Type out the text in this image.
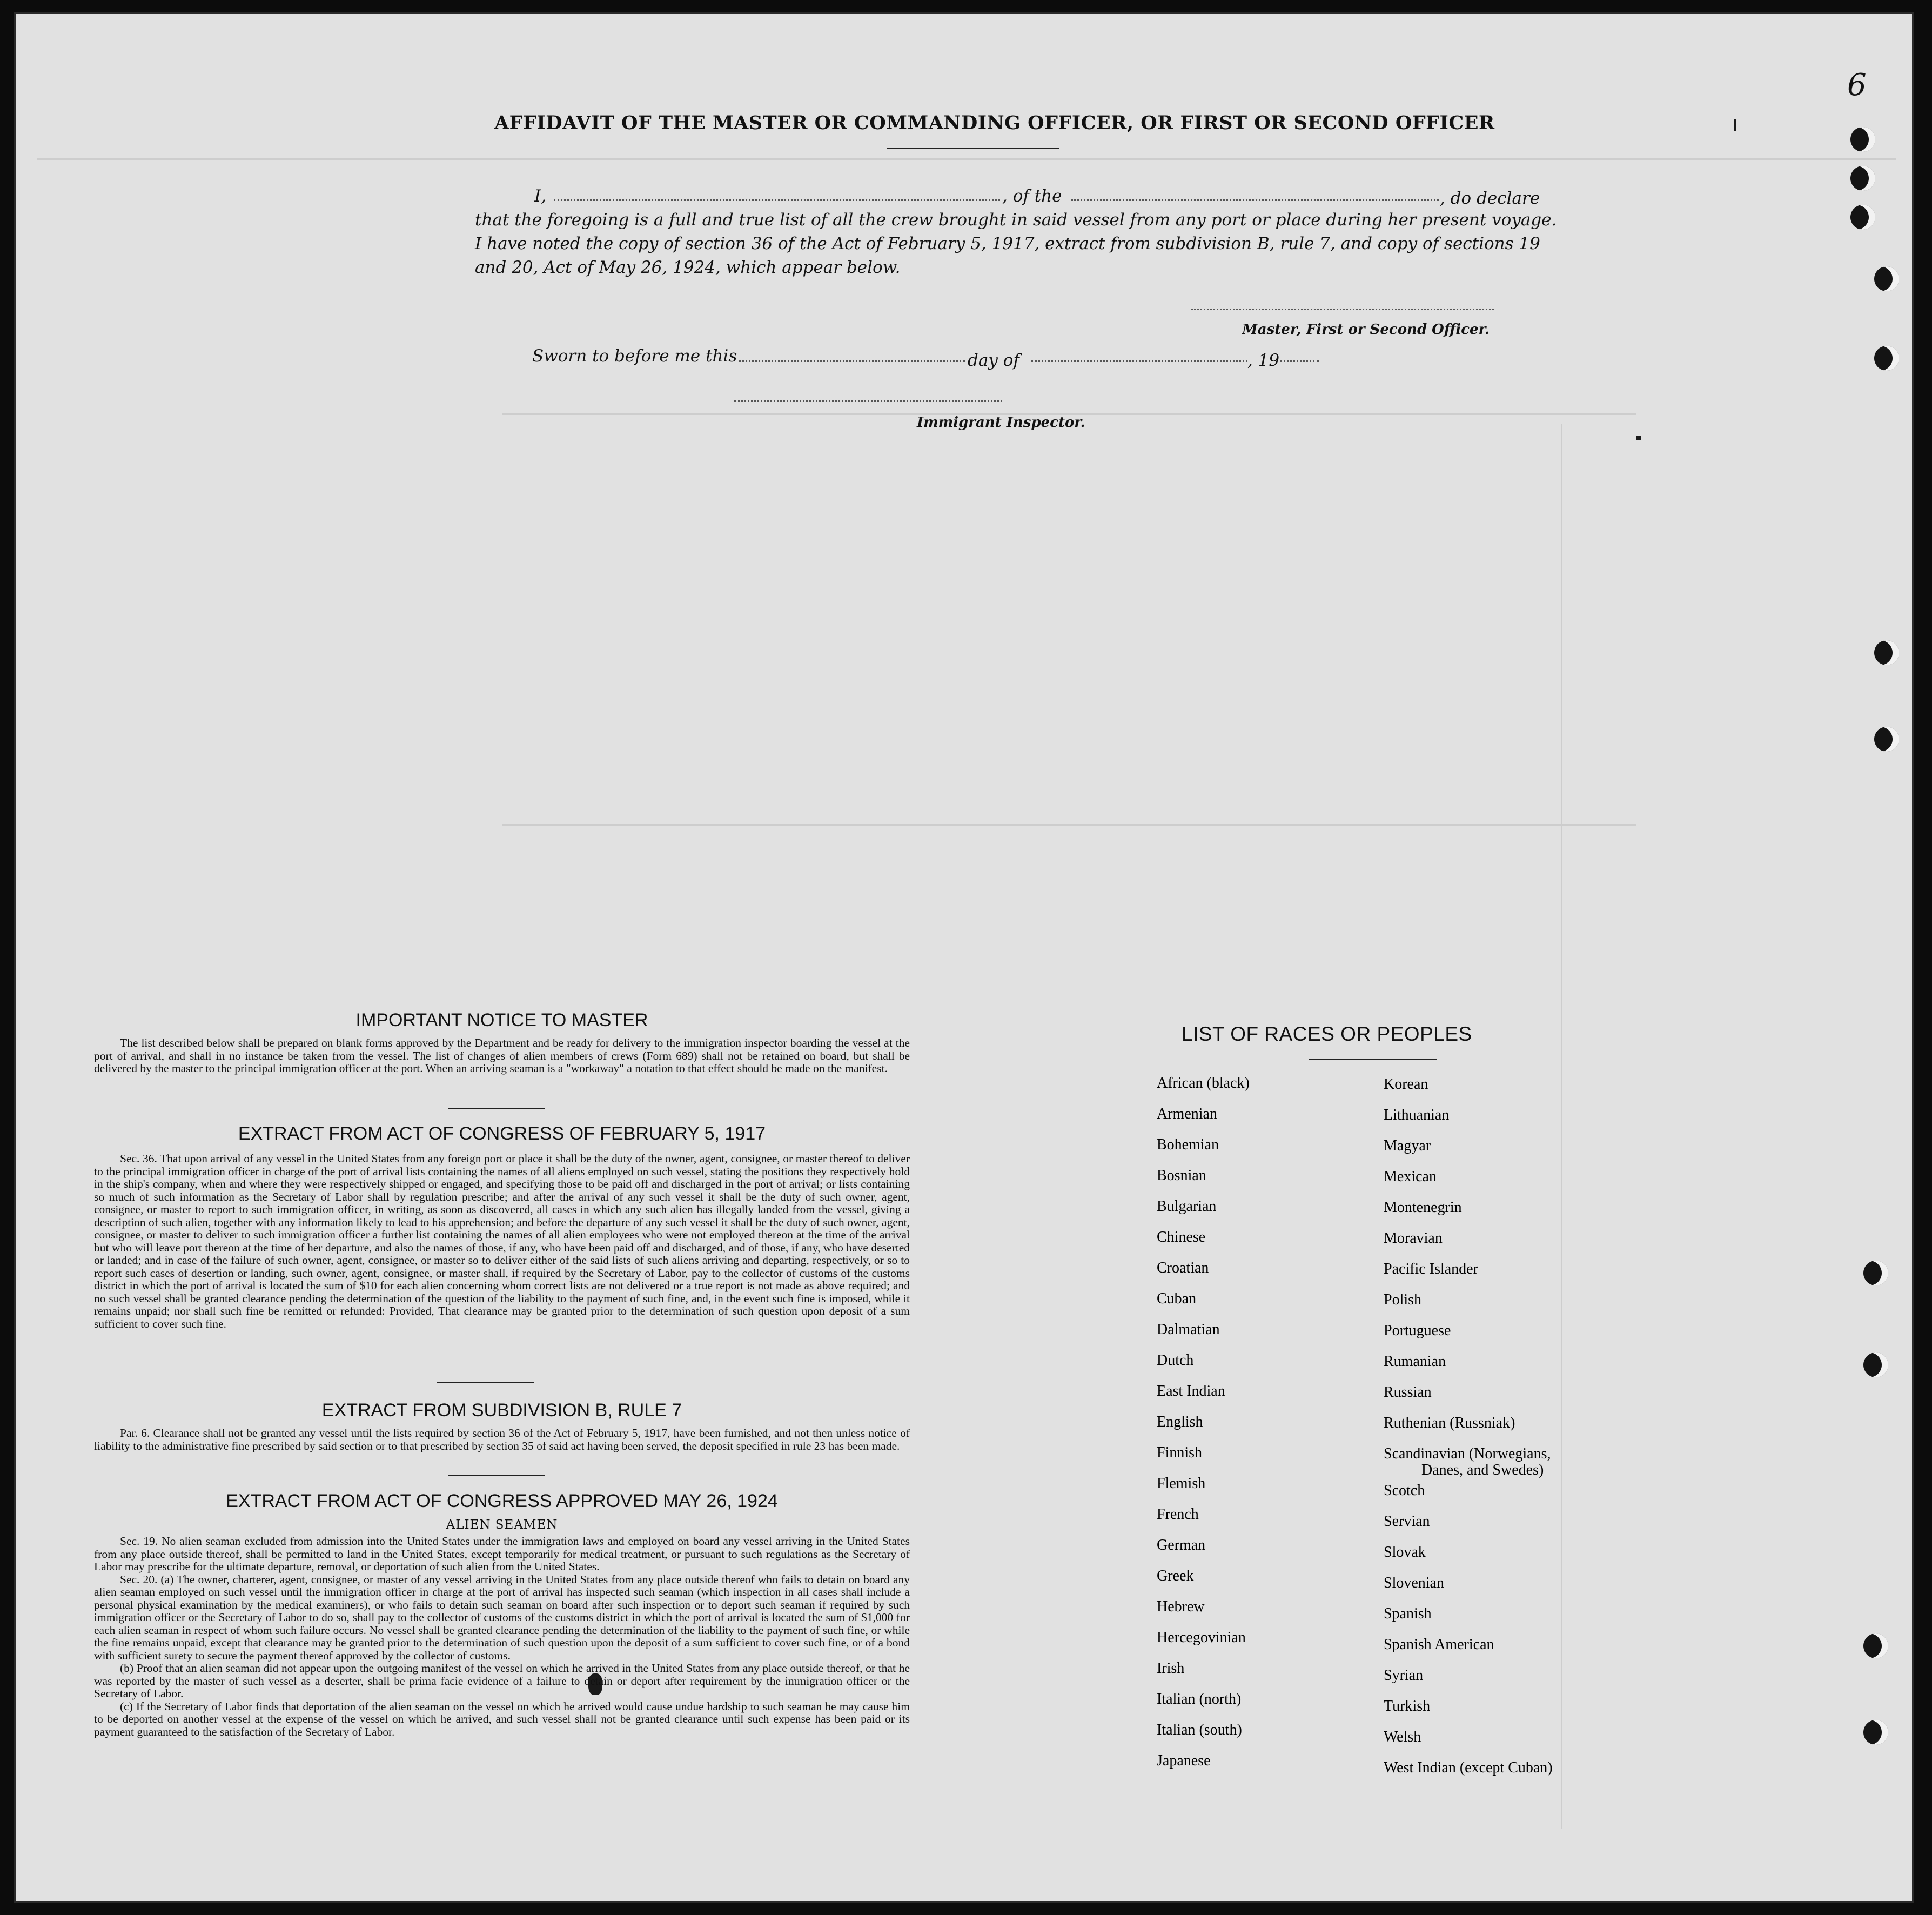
6
AFFIDAVIT OF THE MASTER OR COMMANDING OFFICER, OR FIRST OR SECOND OFFICER
I,	, of the	, do declare
that the foregoing is a full and true list of all the crew brought in said vessel from any port or place during her present voyage.
I have noted the copy of section 36 of the Act of February 5, 1917, extract from subdivision B, rule 7, and copy of sections 19
and 20, Act of May 26, 1924, which appear below.
Master, First or Second Officer.
Sworn to before me this	day of	, 19
Immigrant Inspector.
IMPORTANT NOTICE TO MASTER

The list described below shall be prepared on blank forms approved by the Department and be ready for delivery to the immigration inspector boarding the vessel at the port of arrival, and shall in no instance be taken from the vessel. The list of changes of alien members of crews (Form 689) shall not be retained on board, but shall be delivered by the master to the principal immigration officer at the port. When an arriving seaman is a "workaway" a notation to that effect should be made on the manifest.

EXTRACT FROM ACT OF CONGRESS OF FEBRUARY 5, 1917

Sec. 36. That upon arrival of any vessel in the United States from any foreign port or place it shall be the duty of the owner, agent, consignee, or master thereof to deliver to the principal immigration officer in charge of the port of arrival lists containing the names of all aliens employed on such vessel, stating the positions they respectively hold in the ship's company, when and where they were respectively shipped or engaged, and specifying those to be paid off and discharged in the port of arrival; or lists containing so much of such information as the Secretary of Labor shall by regulation prescribe; and after the arrival of any such vessel it shall be the duty of such owner, agent, consignee, or master to report to such immigration officer, in writing, as soon as discovered, all cases in which any such alien has illegally landed from the vessel, giving a description of such alien, together with any information likely to lead to his apprehension; and before the departure of any such vessel it shall be the duty of such owner, agent, consignee, or master to deliver to such immigration officer a further list containing the names of all alien employees who were not employed thereon at the time of the arrival but who will leave port thereon at the time of her departure, and also the names of those, if any, who have been paid off and discharged, and of those, if any, who have deserted or landed; and in case of the failure of such owner, agent, consignee, or master so to deliver either of the said lists of such aliens arriving and departing, respectively, or so to report such cases of desertion or landing, such owner, agent, consignee, or master shall, if required by the Secretary of Labor, pay to the collector of customs of the customs district in which the port of arrival is located the sum of $10 for each alien concerning whom correct lists are not delivered or a true report is not made as above required; and no such vessel shall be granted clearance pending the determination of the question of the liability to the payment of such fine, and, in the event such fine is imposed, while it remains unpaid; nor shall such fine be remitted or refunded: Provided, That clearance may be granted prior to the determination of such question upon deposit of a sum sufficient to cover such fine.

EXTRACT FROM SUBDIVISION B, RULE 7

Par. 6. Clearance shall not be granted any vessel until the lists required by section 36 of the Act of February 5, 1917, have been furnished, and not then unless notice of liability to the administrative fine prescribed by said section or to that prescribed by section 35 of said act having been served, the deposit specified in rule 23 has been made.

EXTRACT FROM ACT OF CONGRESS APPROVED MAY 26, 1924
ALIEN SEAMEN

Sec. 19. No alien seaman excluded from admission into the United States under the immigration laws and employed on board any vessel arriving in the United States from any place outside thereof, shall be permitted to land in the United States, except temporarily for medical treatment, or pursuant to such regulations as the Secretary of Labor may prescribe for the ultimate departure, removal, or deportation of such alien from the United States.

Sec. 20. (a) The owner, charterer, agent, consignee, or master of any vessel arriving in the United States from any place outside thereof who fails to detain on board any alien seaman employed on such vessel until the immigration officer in charge at the port of arrival has inspected such seaman (which inspection in all cases shall include a personal physical examination by the medical examiners), or who fails to detain such seaman on board after such inspection or to deport such seaman if required by such immigration officer or the Secretary of Labor to do so, shall pay to the collector of customs of the customs district in which the port of arrival is located the sum of $1,000 for each alien seaman in respect of whom such failure occurs. No vessel shall be granted clearance pending the determination of the liability to the payment of such fine, or while the fine remains unpaid, except that clearance may be granted prior to the determination of such question upon the deposit of a sum sufficient to cover such fine, or of a bond with sufficient surety to secure the payment thereof approved by the collector of customs.

(b) Proof that an alien seaman did not appear upon the outgoing manifest of the vessel on which he arrived in the United States from any place outside thereof, or that he was reported by the master of such vessel as a deserter, shall be prima facie evidence of a failure to detain or deport after requirement by the immigration officer or the Secretary of Labor.

(c) If the Secretary of Labor finds that deportation of the alien seaman on the vessel on which he arrived would cause undue hardship to such seaman he may cause him to be deported on another vessel at the expense of the vessel on which he arrived, and such vessel shall not be granted clearance until such expense has been paid or its payment guaranteed to the satisfaction of the Secretary of Labor.

LIST OF RACES OR PEOPLES
African (black)
Armenian
Bohemian
Bosnian
Bulgarian
Chinese
Croatian
Cuban
Dalmatian
Dutch
East Indian
English
Finnish
Flemish
French
German
Greek
Hebrew
Hercegovinian
Irish
Italian (north)
Italian (south)
Japanese
Korean
Lithuanian
Magyar
Mexican
Montenegrin
Moravian
Pacific Islander
Polish
Portuguese
Rumanian
Russian
Ruthenian (Russniak)
Scandinavian (Norwegians,
Danes, and Swedes)
Scotch
Servian
Slovak
Slovenian
Spanish
Spanish American
Syrian
Turkish
Welsh
West Indian (except Cuban)
